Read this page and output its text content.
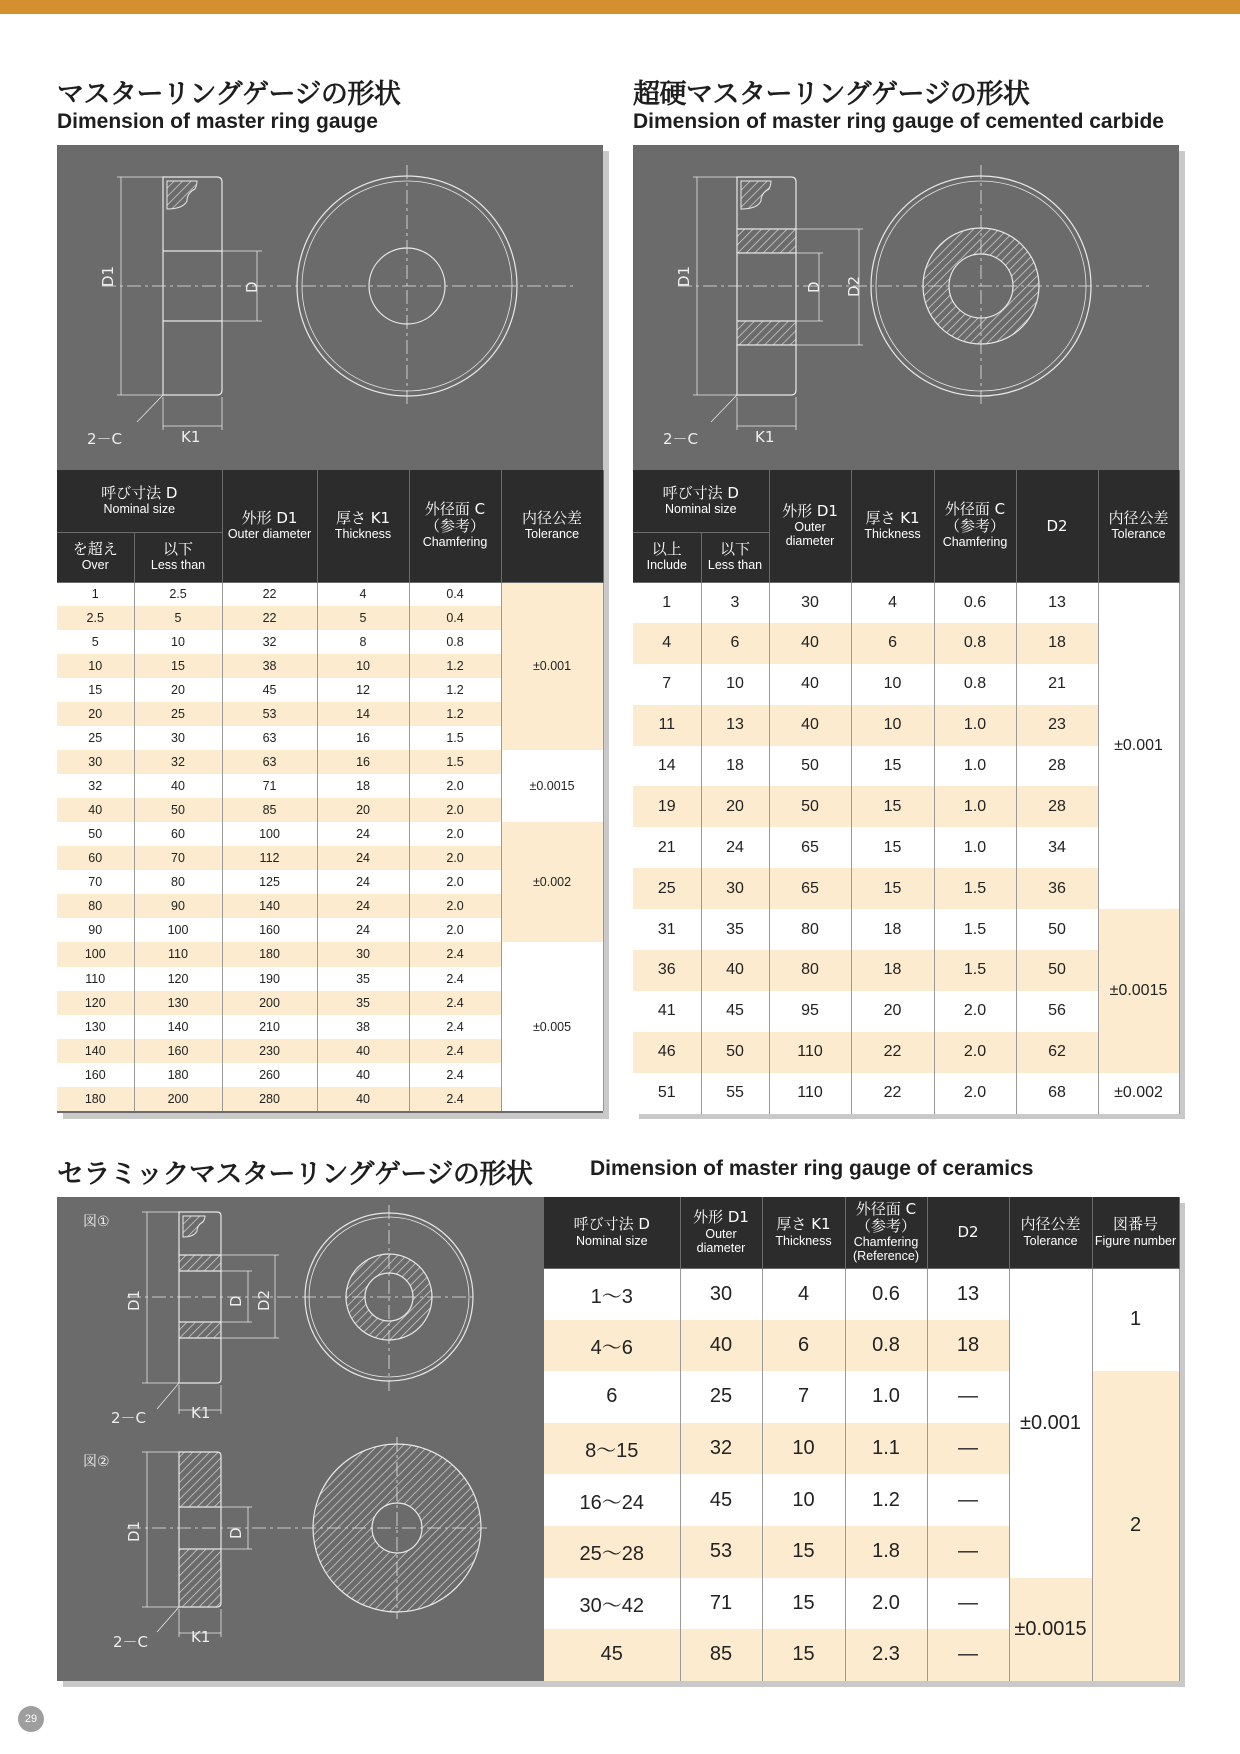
マスターリングゲージの形状
Dimension of master ring gauge
超硬マスターリングゲージの形状
Dimension of master ring gauge of cemented carbide
セラミックマスターリングゲージの形状	Dimension of master ring gauge of ceramics
D1
D
2－C	K1
呼び寸法 D
Nominal size		外形 D1
Outer diameter	厚さ K1
Thickness	外径面 C
（参考）
Chamfering	内径公差
Tolerance

を超え
Over	以下
Less than				

1	2.5	22	4	0.4	±0.001
2.5	5	22	5	0.4	
5	10	32	8	0.8	
10	15	38	10	1.2	
15	20	45	12	1.2	
20	25	53	14	1.2	
25	30	63	16	1.5	
30	32	63	16	1.5	±0.0015
32	40	71	18	2.0	
40	50	85	20	2.0	
50	60	100	24	2.0	±0.002
60	70	112	24	2.0	
70	80	125	24	2.0	
80	90	140	24	2.0	
90	100	160	24	2.0	
100	110	180	30	2.4	±0.005
110	120	190	35	2.4	
120	130	200	35	2.4	
130	140	210	38	2.4	
140	160	230	40	2.4	
160	180	260	40	2.4	
180	200	280	40	2.4	
D1
D D2
2－C	K1
呼び寸法 D
Nominal size		外形 D1
Outer diameter	厚さ K1
Thickness	外径面 C
（参考）
Chamfering	D2	内径公差
Tolerance

以上
Include	以下
Less than					

1	3	30	4	0.6	13	±0.001
4	6	40	6	0.8	18	
7	10	40	10	0.8	21	
11	13	40	10	1.0	23	
14	18	50	15	1.0	28	
19	20	50	15	1.0	28	
21	24	65	15	1.0	34	
25	30	65	15	1.5	36	
31	35	80	18	1.5	50	±0.0015
36	40	80	18	1.5	50	
41	45	95	20	2.0	56	
46	50	110	22	2.0	62	
51	55	110	22	2.0	68	±0.002
図①
図②
D1	D D2
2－C	K1
D1	D
2－C	K1
呼び寸法 D
Nominal size	外形 D1
Outer diameter	厚さ K1
Thickness	外径面 C
（参考）
Chamfering
(Reference)	D2	内径公差
Tolerance	図番号
Figure number

1～3	30	4	0.6	13	±0.001	1
4～6	40	6	0.8	18		
6	25	7	1.0	—		2
8～15	32	10	1.1	—		
16～24	45	10	1.2	—		
25～28	53	15	1.8	—		
30～42	71	15	2.0	—	±0.0015	
45	85	15	2.3	—		
29
